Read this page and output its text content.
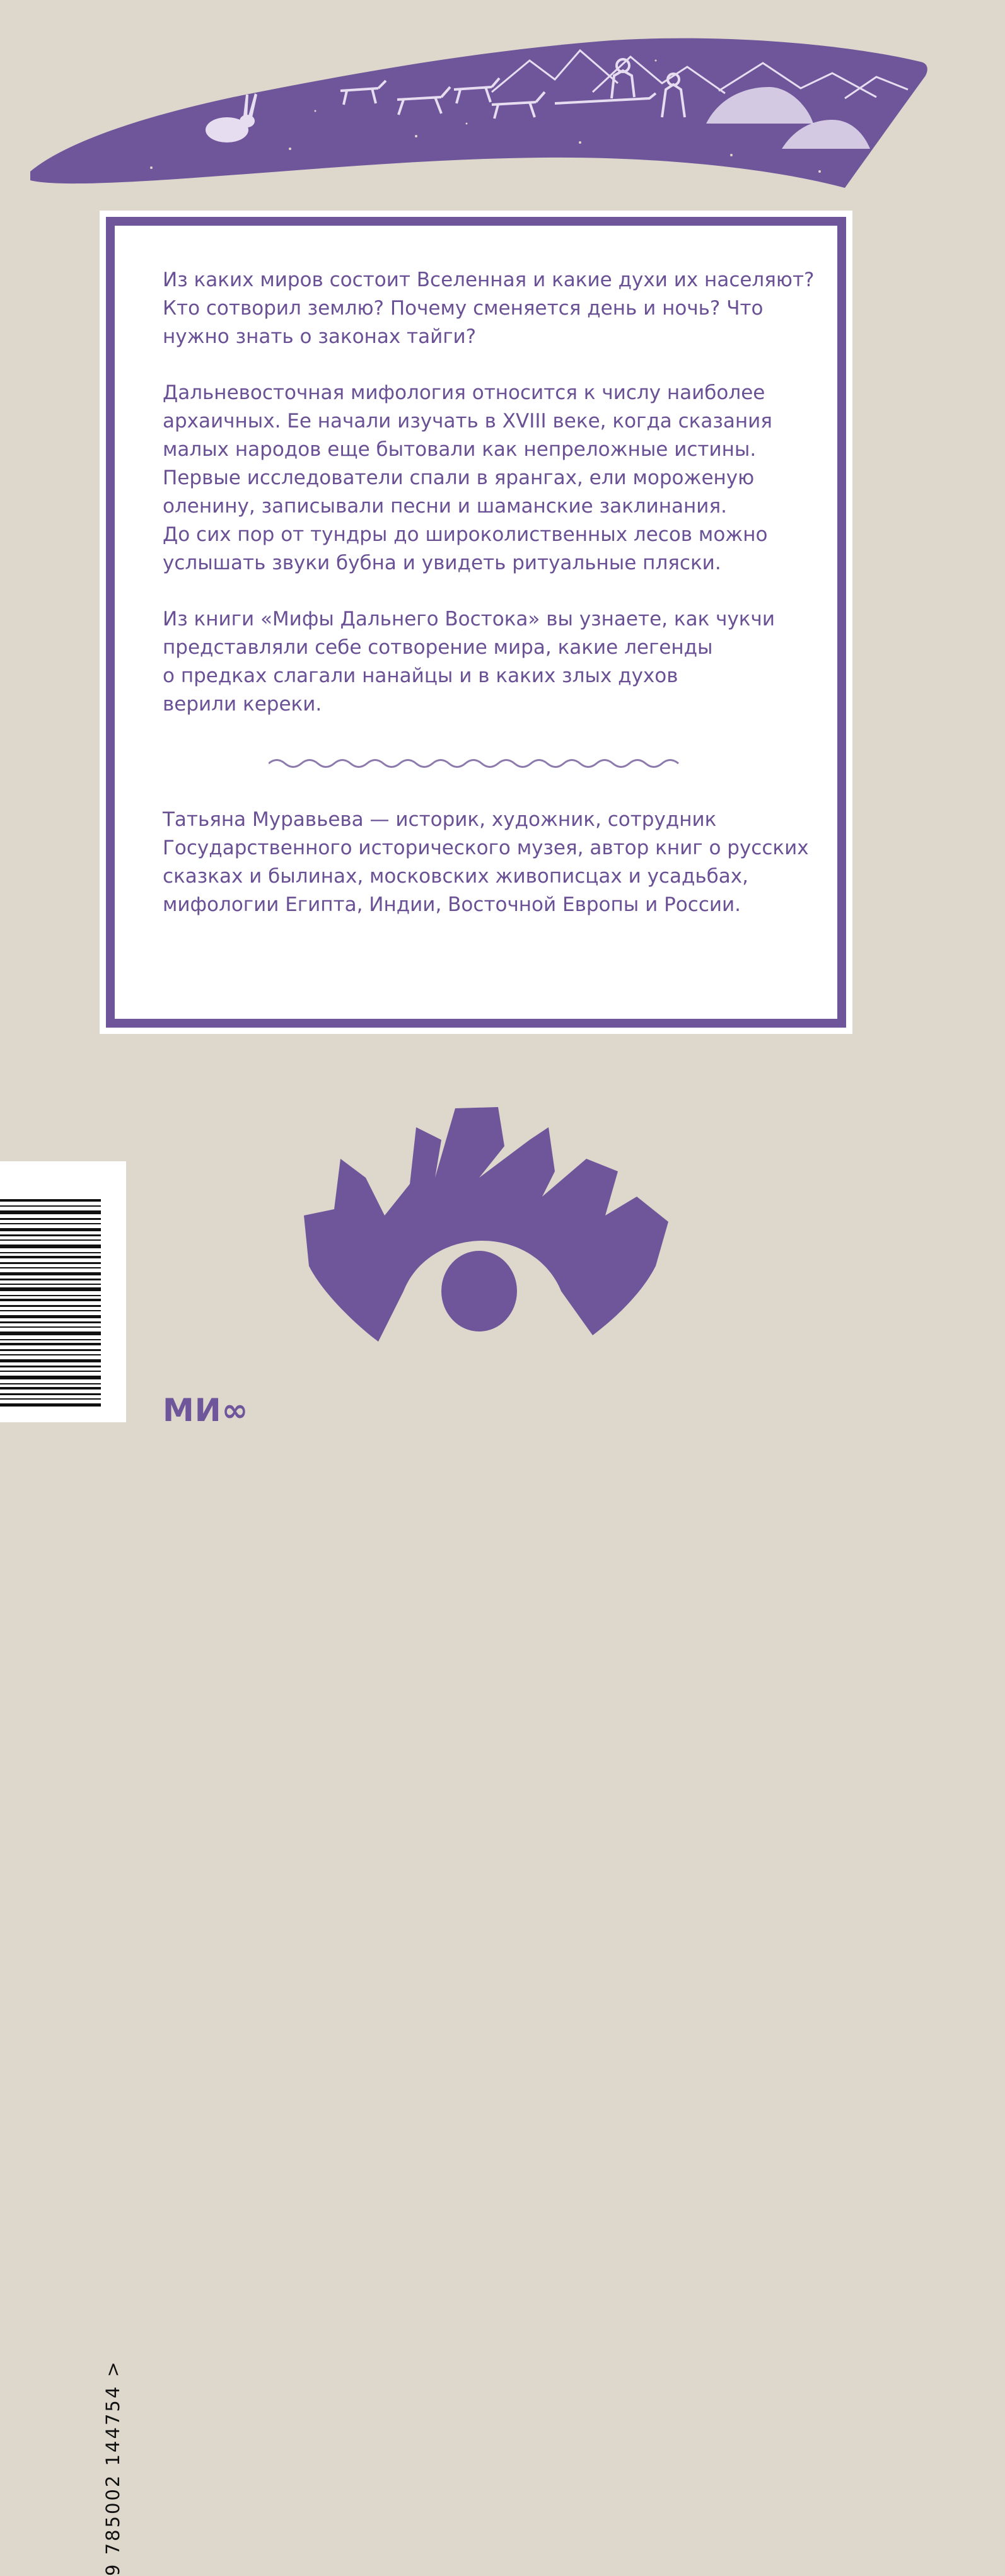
Из каких миров состоит Вселенная и какие духи их населяют?
Кто сотворил землю? Почему сменяется день и ночь? Что
нужно знать о законах тайги?

Дальневосточная мифология относится к числу наиболее
архаичных. Ее начали изучать в XVIII веке, когда сказания
малых народов еще бытовали как непреложные истины.
Первые исследователи спали в ярангах, ели мороженую
оленину, записывали песни и шаманские заклинания.
До сих пор от тундры до широколиственных лесов можно
услышать звуки бубна и увидеть ритуальные пляски.

Из книги «Мифы Дальнего Востока» вы узнаете, как чукчи
представляли себе сотворение мира, какие легенды
о предках слагали нанайцы и в каких злых духов
верили кереки.

Татьяна Муравьева — историк, художник, сотрудник
Государственного исторического музея, автор книг о русских
сказках и былинах, московских живописцах и усадьбах,
мифологии Египта, Индии, Восточной Европы и России.
9 785002 144754 >
МИ∞
